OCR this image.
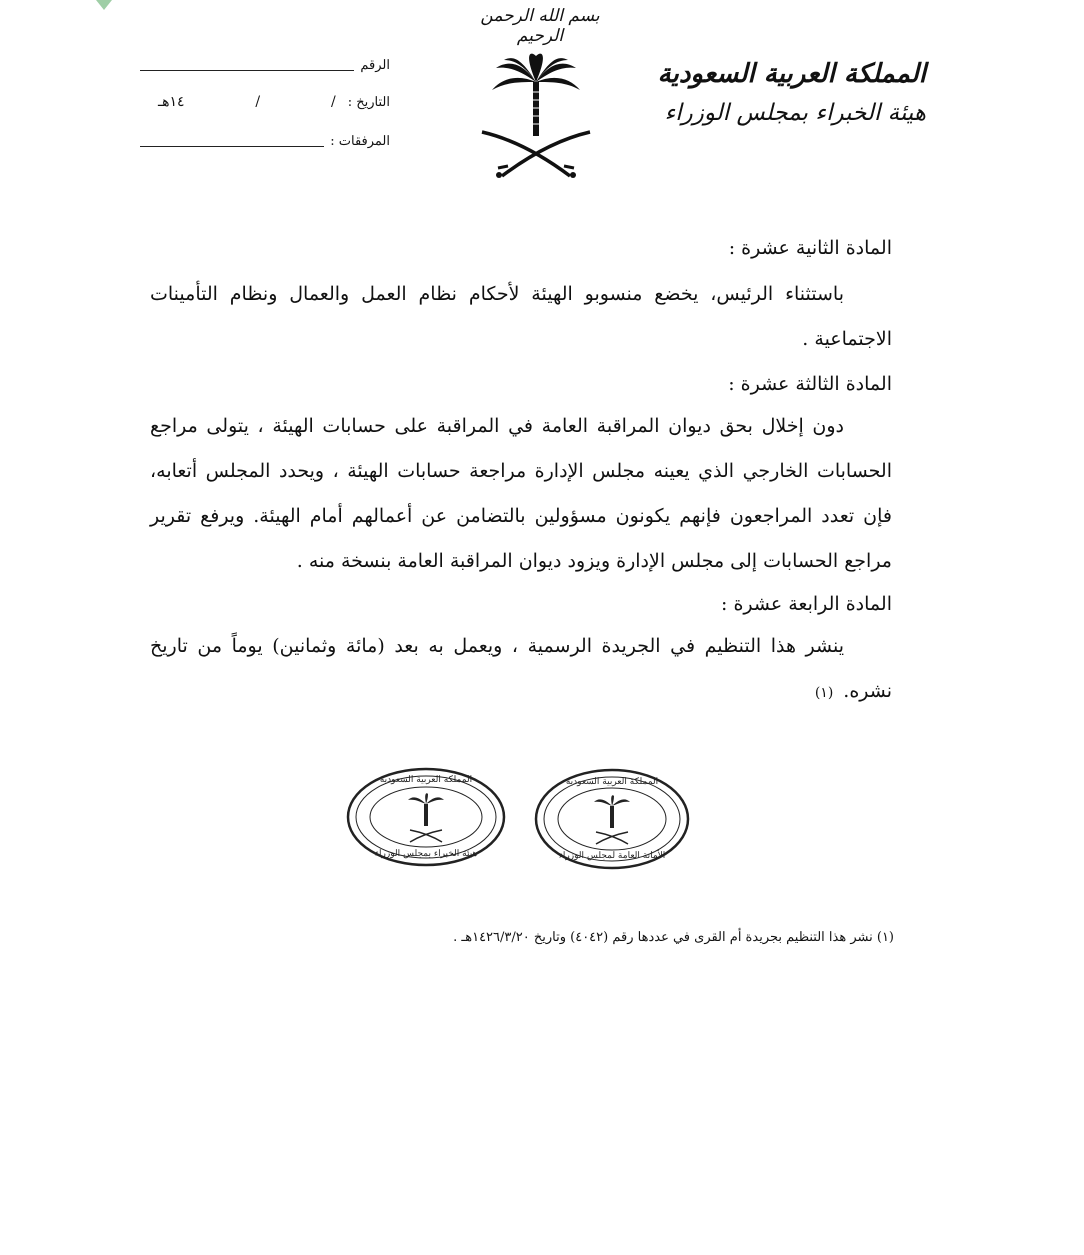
بسم الله الرحمن الرحيم
المملكة العربية السعودية
هيئة الخبراء بمجلس الوزراء
الرقم
التاريخ :
/
/
١٤هـ
المرفقات :

المادة الثانية عشرة :

باستثناء الرئيس، يخضع منسوبو الهيئة لأحكام نظام العمل والعمال ونظام التأمينات الاجتماعية .

المادة الثالثة عشرة :

دون إخلال بحق ديوان المراقبة العامة في المراقبة على حسابات الهيئة ، يتولى مراجع الحسابات الخارجي الذي يعينه مجلس الإدارة مراجعة حسابات الهيئة ، ويحدد المجلس أتعابه، فإن تعدد المراجعون فإنهم يكونون مسؤولين بالتضامن عن أعمالهم أمام الهيئة. ويرفع تقرير مراجع الحسابات إلى مجلس الإدارة ويزود ديوان المراقبة العامة بنسخة منه .

المادة الرابعة عشرة :

ينشر هذا التنظيم في الجريدة الرسمية ، ويعمل به بعد (مائة وثمانين) يوماً من تاريخ نشره.(١)

المملكة العربية السعودية
هيئة الخبراء بمجلس الوزراء
المملكة العربية السعودية
الأمانة العامة لمجلس الوزراء
(١) نشر هذا التنظيم بجريدة أم القرى في عددها رقم (٤٠٤٢) وتاريخ ١٤٢٦/٣/٢٠هـ .
